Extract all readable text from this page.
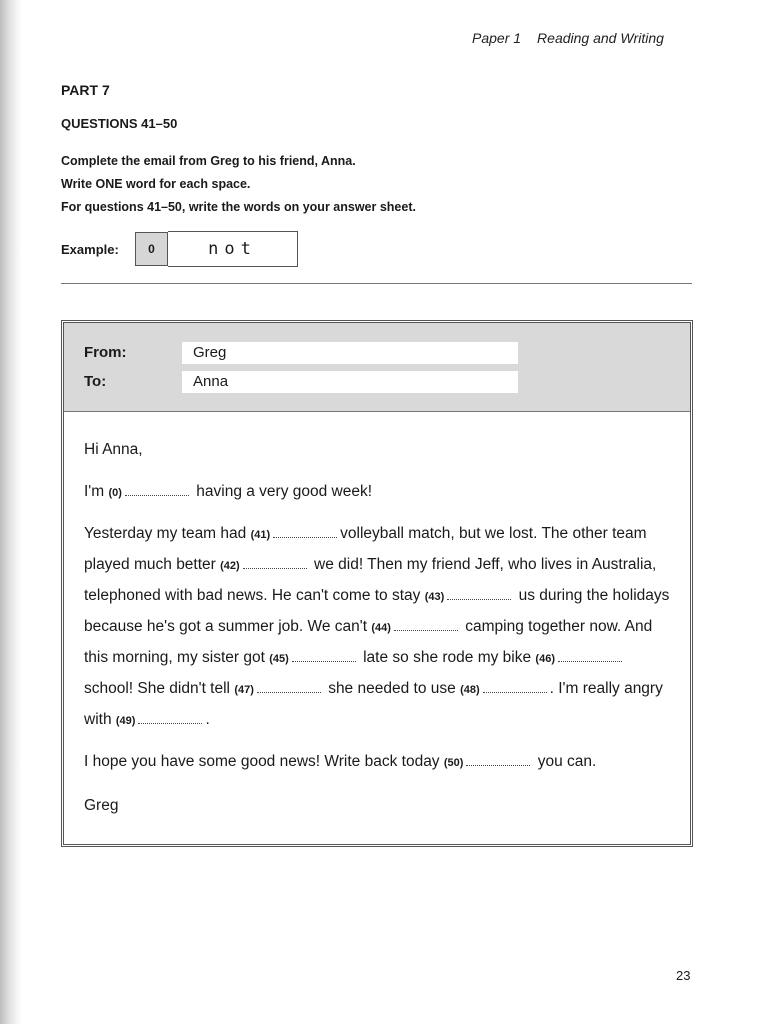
Paper 1 Reading and Writing
PART 7
QUESTIONS 41–50
Complete the email from Greg to his friend, Anna.
Write ONE word for each space.
For questions 41–50, write the words on your answer sheet.
Example:	0	not
From:	Greg
To:	Anna

Hi Anna,

I'm (0)	having a very good week!

Yesterday my team had (41)	volleyball match, but we lost. The other team played much better (42)	we did! Then my friend Jeff, who lives in Australia, telephoned with bad news. He can't come to stay (43)	us during the holidays because he's got a summer job. We can't (44)	camping together now. And this morning, my sister got (45)	late so she rode my bike (46) school! She didn't tell (47)	she needed to use (48)	. I'm really angry with (49)	.

I hope you have some good news! Write back today (50)	you can.

Greg

23
